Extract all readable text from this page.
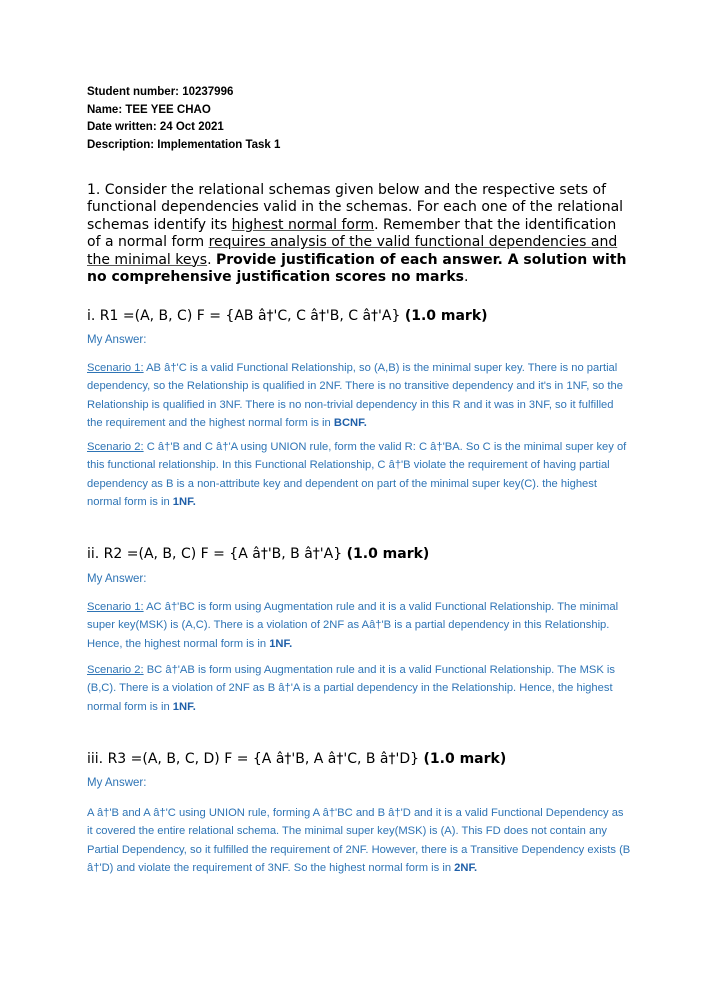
Student number: 10237996
Name: TEE YEE CHAO
Date written: 24 Oct 2021
Description: Implementation Task 1
1. Consider the relational schemas given below and the respective sets of functional dependencies valid in the schemas. For each one of the relational schemas identify its highest normal form. Remember that the identification of a normal form requires analysis of the valid functional dependencies and the minimal keys. Provide justification of each answer. A solution with no comprehensive justification scores no marks.
i. R1 =(A, B, C) F = {AB â†'C, C â†'B, C â†'A} (1.0 mark)
My Answer:
Scenario 1: AB â†'C is a valid Functional Relationship, so (A,B) is the minimal super key. There is no partial dependency, so the Relationship is qualified in 2NF. There is no transitive dependency and it's in 1NF, so the Relationship is qualified in 3NF. There is no non-trivial dependency in this R and it was in 3NF, so it fulfilled the requirement and the highest normal form is in BCNF.
Scenario 2: C â†'B and C â†'A using UNION rule, form the valid R: C â†'BA. So C is the minimal super key of this functional relationship. In this Functional Relationship, C â†'B violate the requirement of having partial dependency as B is a non-attribute key and dependent on part of the minimal super key(C). the highest normal form is in 1NF.
ii. R2 =(A, B, C) F = {A â†'B, B â†'A} (1.0 mark)
My Answer:
Scenario 1: AC â†'BC is form using Augmentation rule and it is a valid Functional Relationship. The minimal super key(MSK) is (A,C). There is a violation of 2NF as Aâ†'B is a partial dependency in this Relationship. Hence, the highest normal form is in 1NF.
Scenario 2: BC â†'AB is form using Augmentation rule and it is a valid Functional Relationship. The MSK is (B,C). There is a violation of 2NF as B â†'A is a partial dependency in the Relationship. Hence, the highest normal form is in 1NF.
iii. R3 =(A, B, C, D) F = {A â†'B, A â†'C, B â†'D} (1.0 mark)
My Answer:
A â†'B and A â†'C using UNION rule, forming A â†'BC and B â†'D and it is a valid Functional Dependency as it covered the entire relational schema. The minimal super key(MSK) is (A). This FD does not contain any Partial Dependency, so it fulfilled the requirement of 2NF. However, there is a Transitive Dependency exists (B â†'D) and violate the requirement of 3NF. So the highest normal form is in 2NF.
